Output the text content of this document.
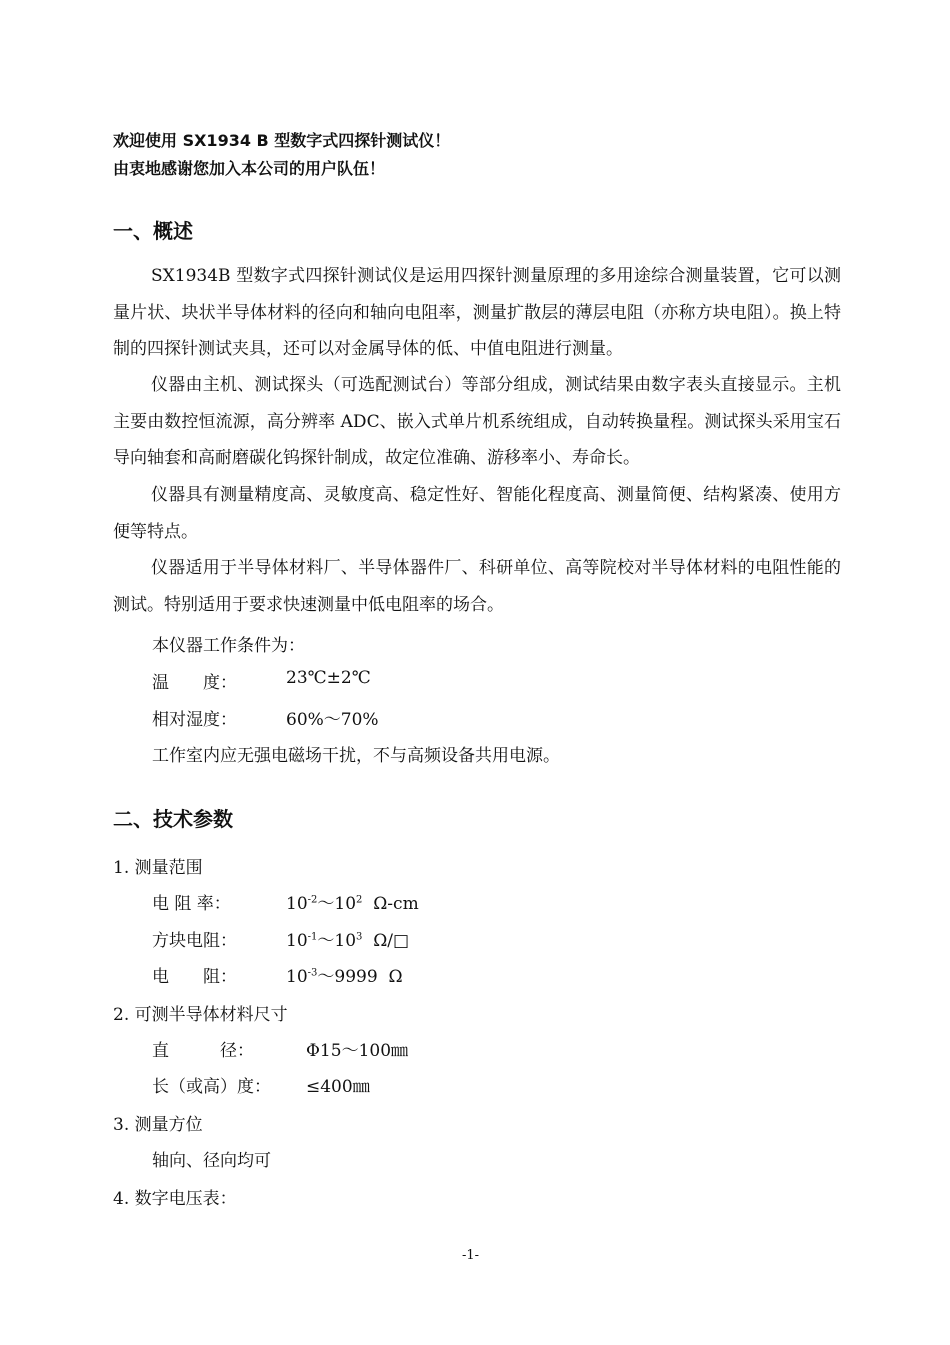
欢迎使用 SX1934 B 型数字式四探针测试仪！
由衷地感谢您加入本公司的用户队伍！
一、概述

SX1934B 型数字式四探针测试仪是运用四探针测量原理的多用途综合测量装置，它可以测量片状、块状半导体材料的径向和轴向电阻率，测量扩散层的薄层电阻（亦称方块电阻）。换上特制的四探针测试夹具，还可以对金属导体的低、中值电阻进行测量。

仪器由主机、测试探头（可选配测试台）等部分组成，测试结果由数字表头直接显示。主机主要由数控恒流源，高分辨率 ADC、嵌入式单片机系统组成，自动转换量程。测试探头采用宝石导向轴套和高耐磨碳化钨探针制成，故定位准确、游移率小、寿命长。

仪器具有测量精度高、灵敏度高、稳定性好、智能化程度高、测量简便、结构紧凑、使用方便等特点。

仪器适用于半导体材料厂、半导体器件厂、科研单位、高等院校对半导体材料的电阻性能的测试。特别适用于要求快速测量中低电阻率的场合。

本仪器工作条件为：
温　　度：	23℃±2℃
相对湿度：	60%～70%
工作室内应无强电磁场干扰，不与高频设备共用电源。
二、技术参数
1. 测量范围
电 阻 率：	$10^{-2}\sim 10^2$  Ω-cm
方块电阻：	$10^{-1}\sim 10^3$  Ω/□
电　　阻：	$10^{-3}\sim 9999$  Ω
2. 可测半导体材料尺寸
直　　　径：	Φ15～100㎜
长（或高）度： ≤400㎜
3. 测量方位
轴向、径向均可
4. 数字电压表：
-1-
